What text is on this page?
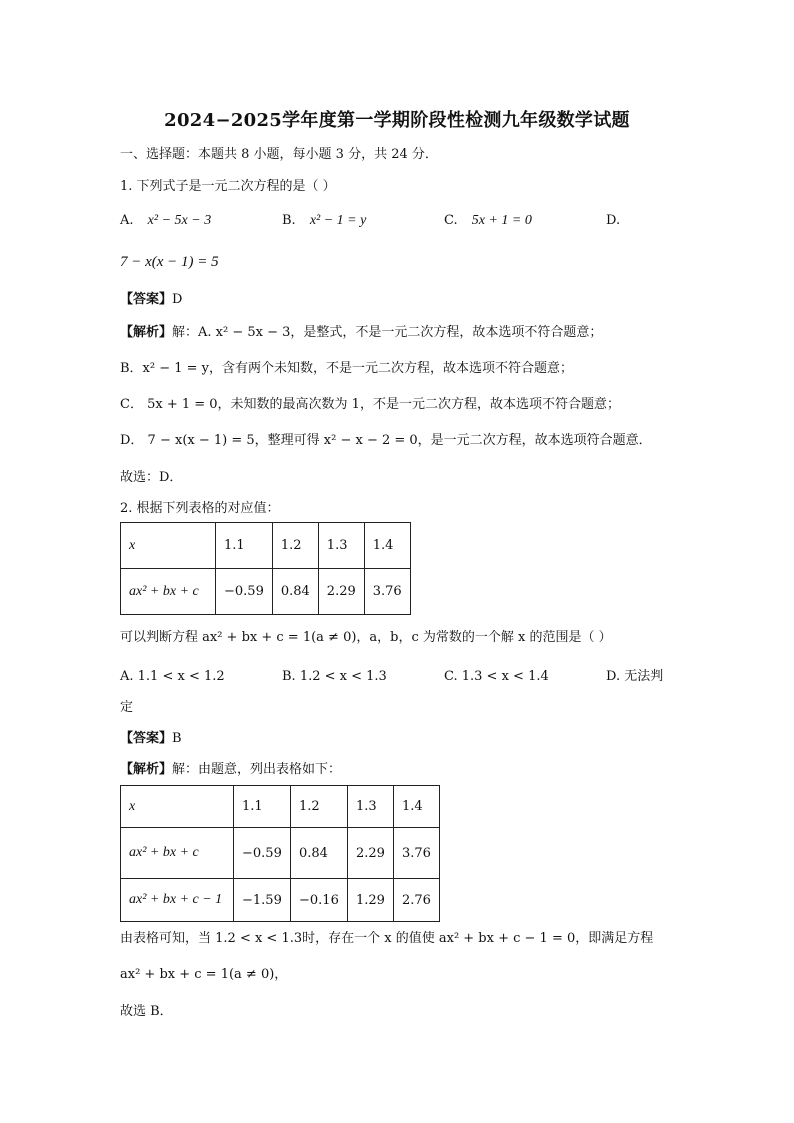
2024−2025学年度第一学期阶段性检测九年级数学试题
一、选择题：本题共 8 小题，每小题 3 分，共 24 分．
1. 下列式子是一元二次方程的是（ ）
A. x² − 5x − 3	B. x² − 1 = y	C. 5x + 1 = 0	D.
7 − x(x − 1) = 5
【答案】D
【解析】解：A. x² − 5x − 3，是整式，不是一元二次方程，故本选项不符合题意；
B．x² − 1 = y，含有两个未知数，不是一元二次方程，故本选项不符合题意；
C． 5x + 1 = 0，未知数的最高次数为 1，不是一元二次方程，故本选项不符合题意；
D． 7 − x(x − 1) = 5，整理可得 x² − x − 2 = 0，是一元二次方程，故本选项符合题意．
故选：D．
2. 根据下列表格的对应值：
x	1.1	1.2	1.3	1.4
ax² + bx + c	−0.59	0.84	2.29	3.76
可以判断方程 ax² + bx + c = 1(a ≠ 0)，a，b，c 为常数的一个解 x 的范围是（ ）
A. 1.1 < x < 1.2	B. 1.2 < x < 1.3	C. 1.3 < x < 1.4	D. 无法判
定
【答案】B
【解析】解：由题意，列出表格如下：
x	1.1	1.2	1.3	1.4
ax² + bx + c	−0.59	0.84	2.29	3.76
ax² + bx + c − 1	−1.59	−0.16	1.29	2.76
由表格可知，当 1.2 < x < 1.3时，存在一个 x 的值使 ax² + bx + c − 1 = 0，即满足方程
ax² + bx + c = 1(a ≠ 0)，
故选 B．
